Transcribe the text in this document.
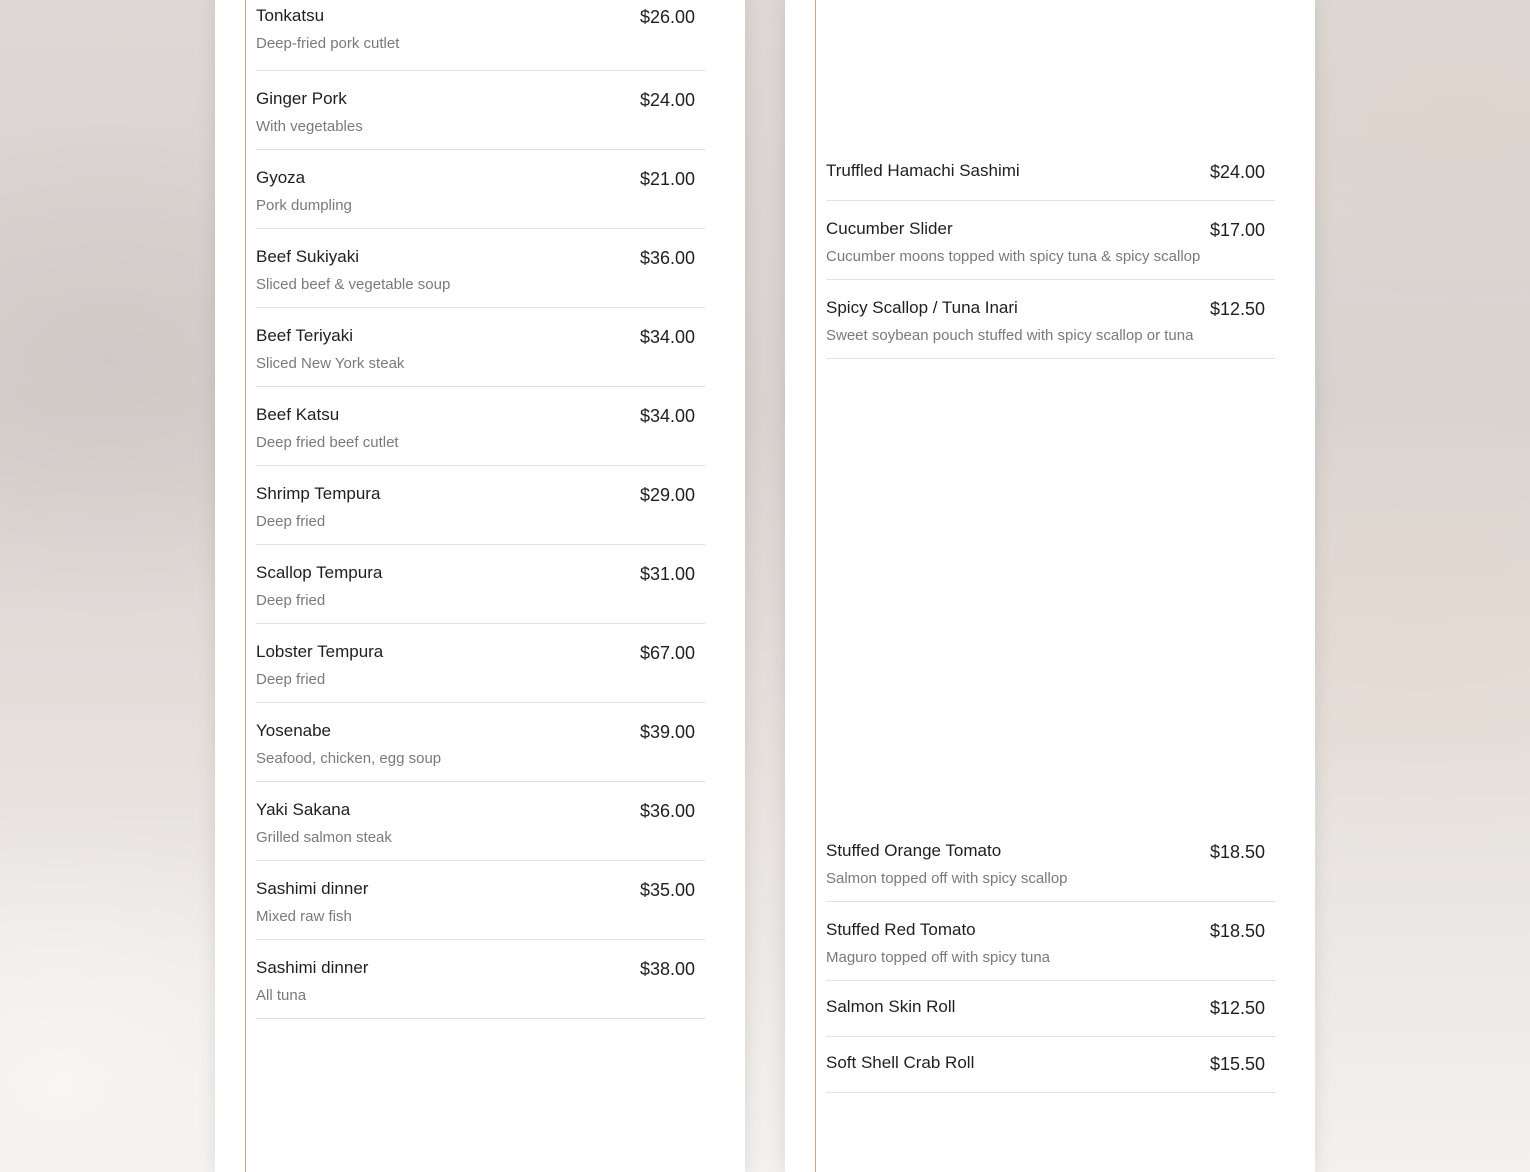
Tonkatsu	$26.00
Deep-fried pork cutlet
Ginger Pork	$24.00
With vegetables
Gyoza	$21.00
Pork dumpling
Beef Sukiyaki	$36.00
Sliced beef & vegetable soup
Beef Teriyaki	$34.00
Sliced New York steak
Beef Katsu	$34.00
Deep fried beef cutlet
Shrimp Tempura	$29.00
Deep fried
Scallop Tempura	$31.00
Deep fried
Lobster Tempura	$67.00
Deep fried
Yosenabe	$39.00
Seafood, chicken, egg soup
Yaki Sakana	$36.00
Grilled salmon steak
Sashimi dinner	$35.00
Mixed raw fish
Sashimi dinner	$38.00
All tuna
Truffled Hamachi Sashimi	$24.00
Cucumber Slider	$17.00
Cucumber moons topped with spicy tuna & spicy scallop
Spicy Scallop / Tuna Inari	$12.50
Sweet soybean pouch stuffed with spicy scallop or tuna
Stuffed Orange Tomato	$18.50
Salmon topped off with spicy scallop
Stuffed Red Tomato	$18.50
Maguro topped off with spicy tuna
Salmon Skin Roll	$12.50
Soft Shell Crab Roll	$15.50
